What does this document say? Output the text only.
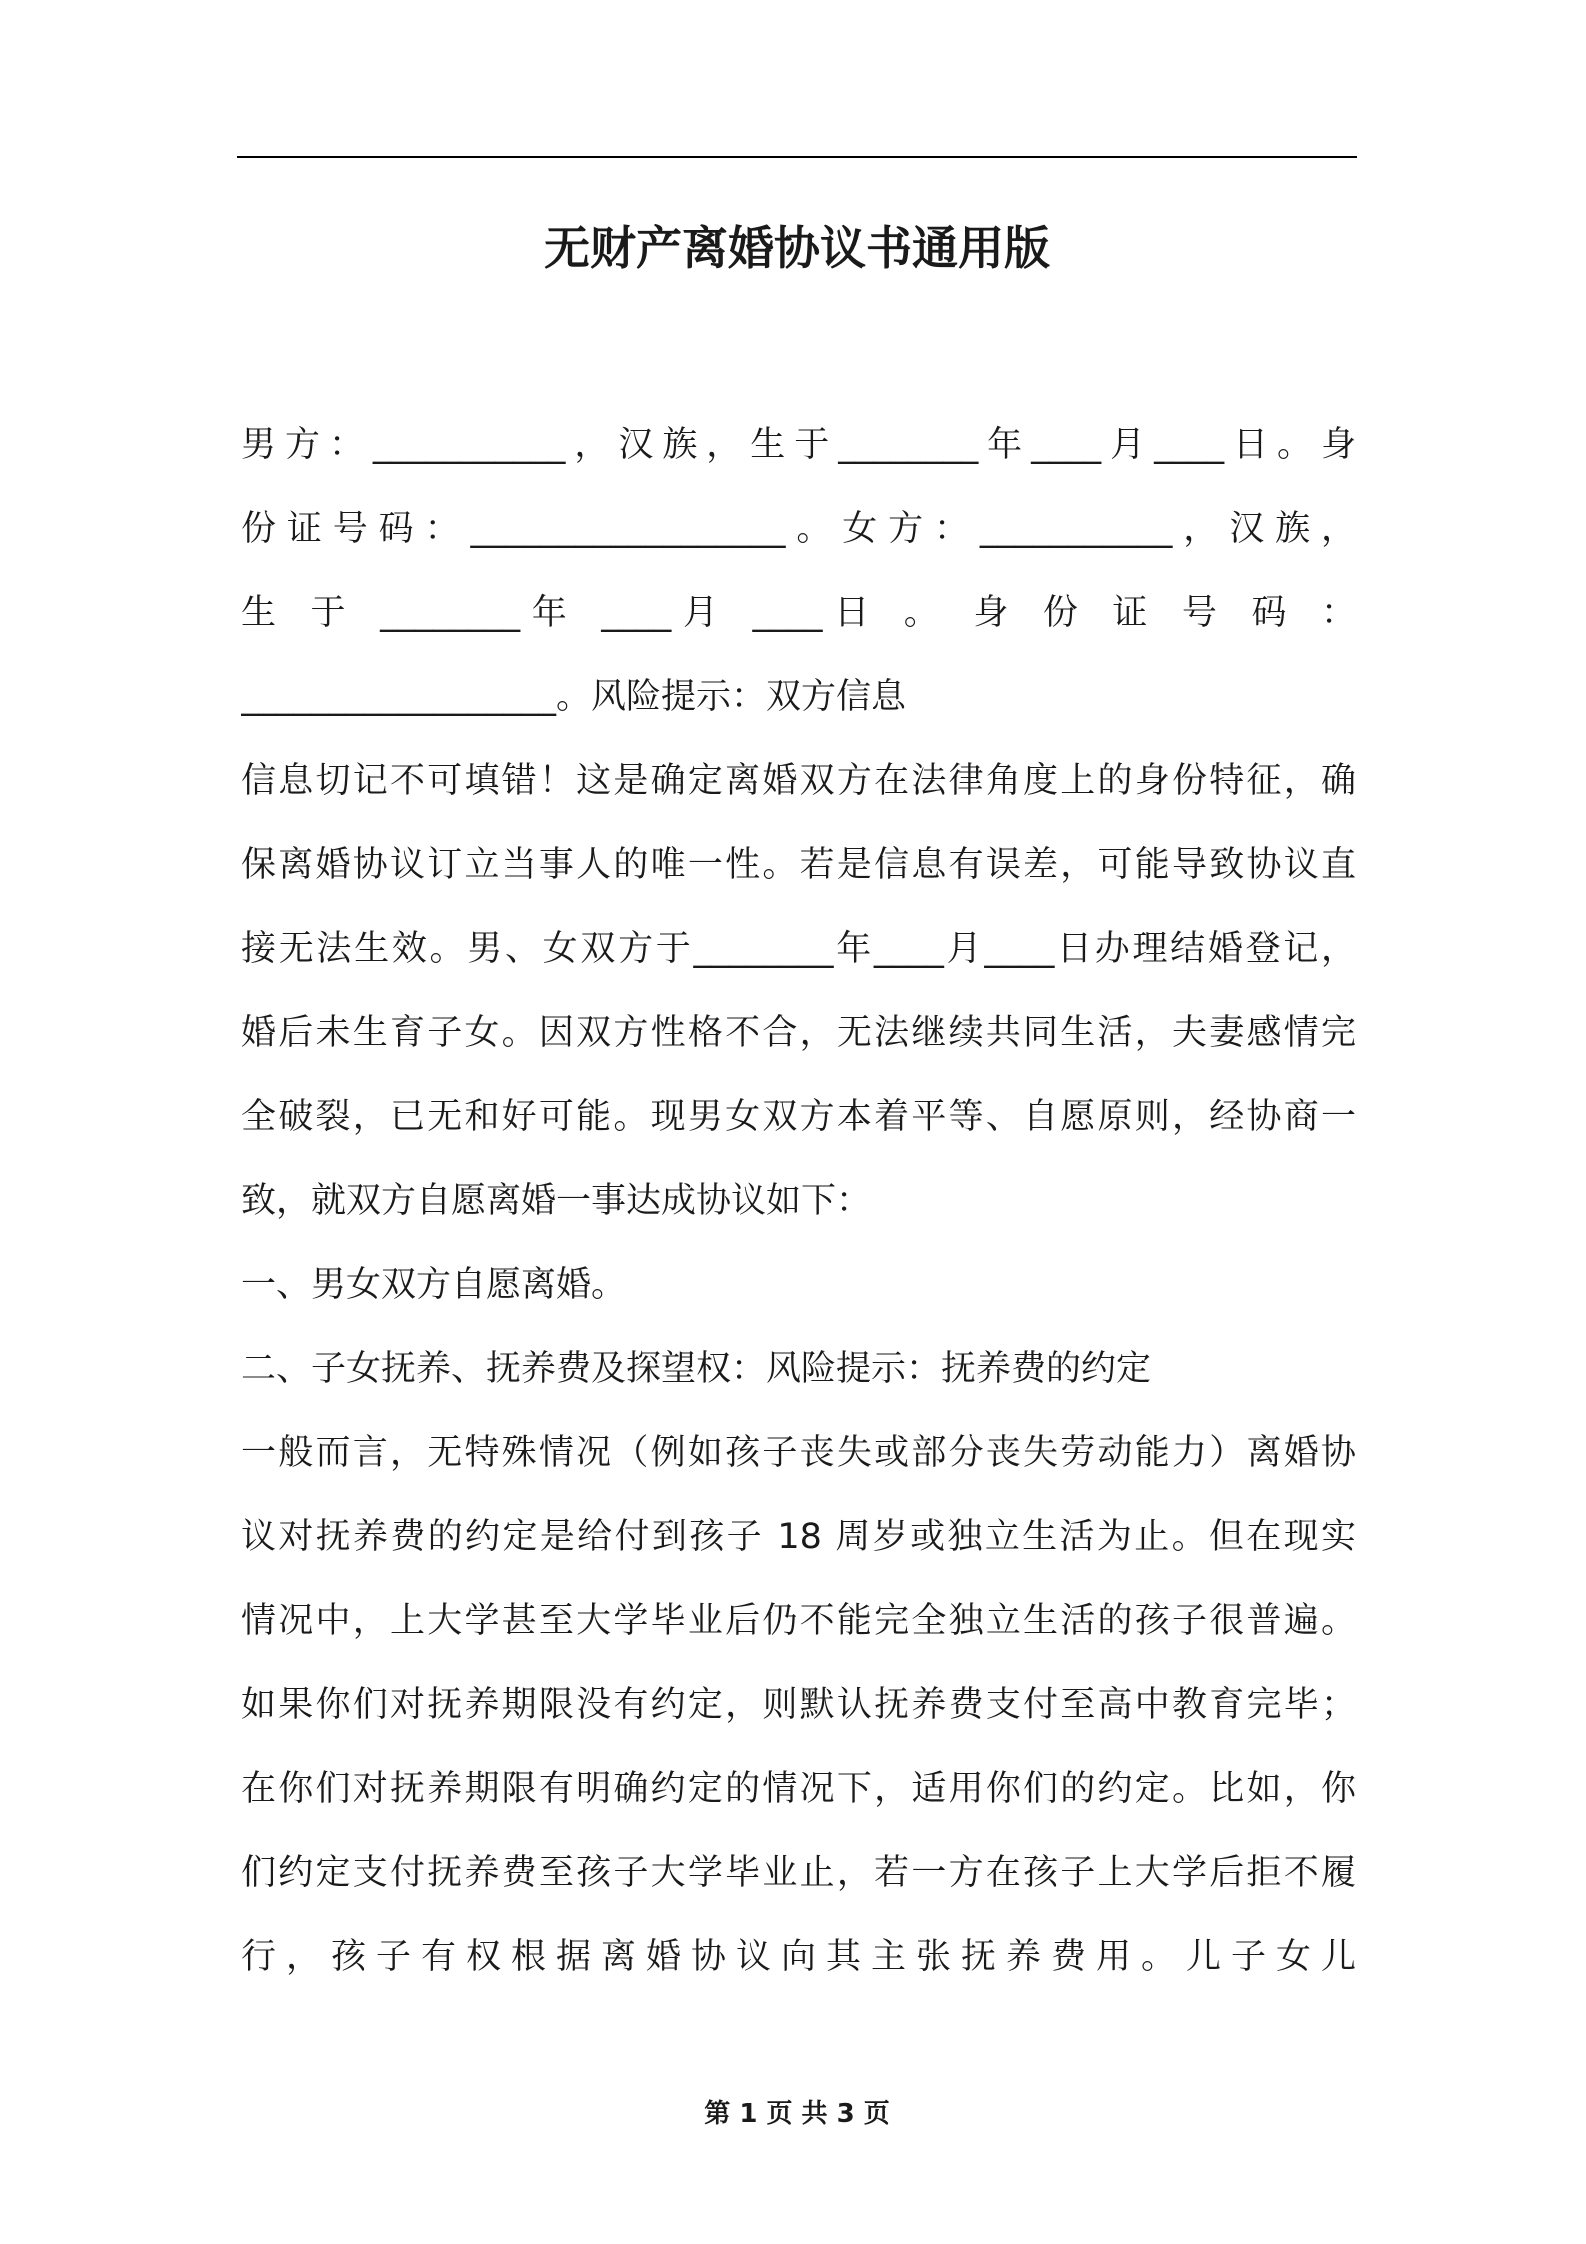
无财产离婚协议书通用版
男方：___________，汉族，生于________年____月____日。身
份证号码：__________________。女方：___________，汉族，
生 于 ________年 ____月 ____日 。 身 份 证 号 码 ：
__________________。风险提示：双方信息
信息切记不可填错！这是确定离婚双方在法律角度上的身份特征，确
保离婚协议订立当事人的唯一性。若是信息有误差，可能导致协议直
接无法生效。男、女双方于________年____月____日办理结婚登记，
婚后未生育子女。因双方性格不合，无法继续共同生活，夫妻感情完
全破裂，已无和好可能。现男女双方本着平等、自愿原则，经协商一
致，就双方自愿离婚一事达成协议如下：
一、男女双方自愿离婚。
二、子女抚养、抚养费及探望权：风险提示：抚养费的约定
一般而言，无特殊情况（例如孩子丧失或部分丧失劳动能力）离婚协
议对抚养费的约定是给付到孩子 18 周岁或独立生活为止。但在现实
情况中，上大学甚至大学毕业后仍不能完全独立生活的孩子很普遍。
如果你们对抚养期限没有约定，则默认抚养费支付至高中教育完毕；
在你们对抚养期限有明确约定的情况下，适用你们的约定。比如，你
们约定支付抚养费至孩子大学毕业止，若一方在孩子上大学后拒不履
行，孩子有权根据离婚协议向其主张抚养费用。儿子女儿
第 1 页 共 3 页
